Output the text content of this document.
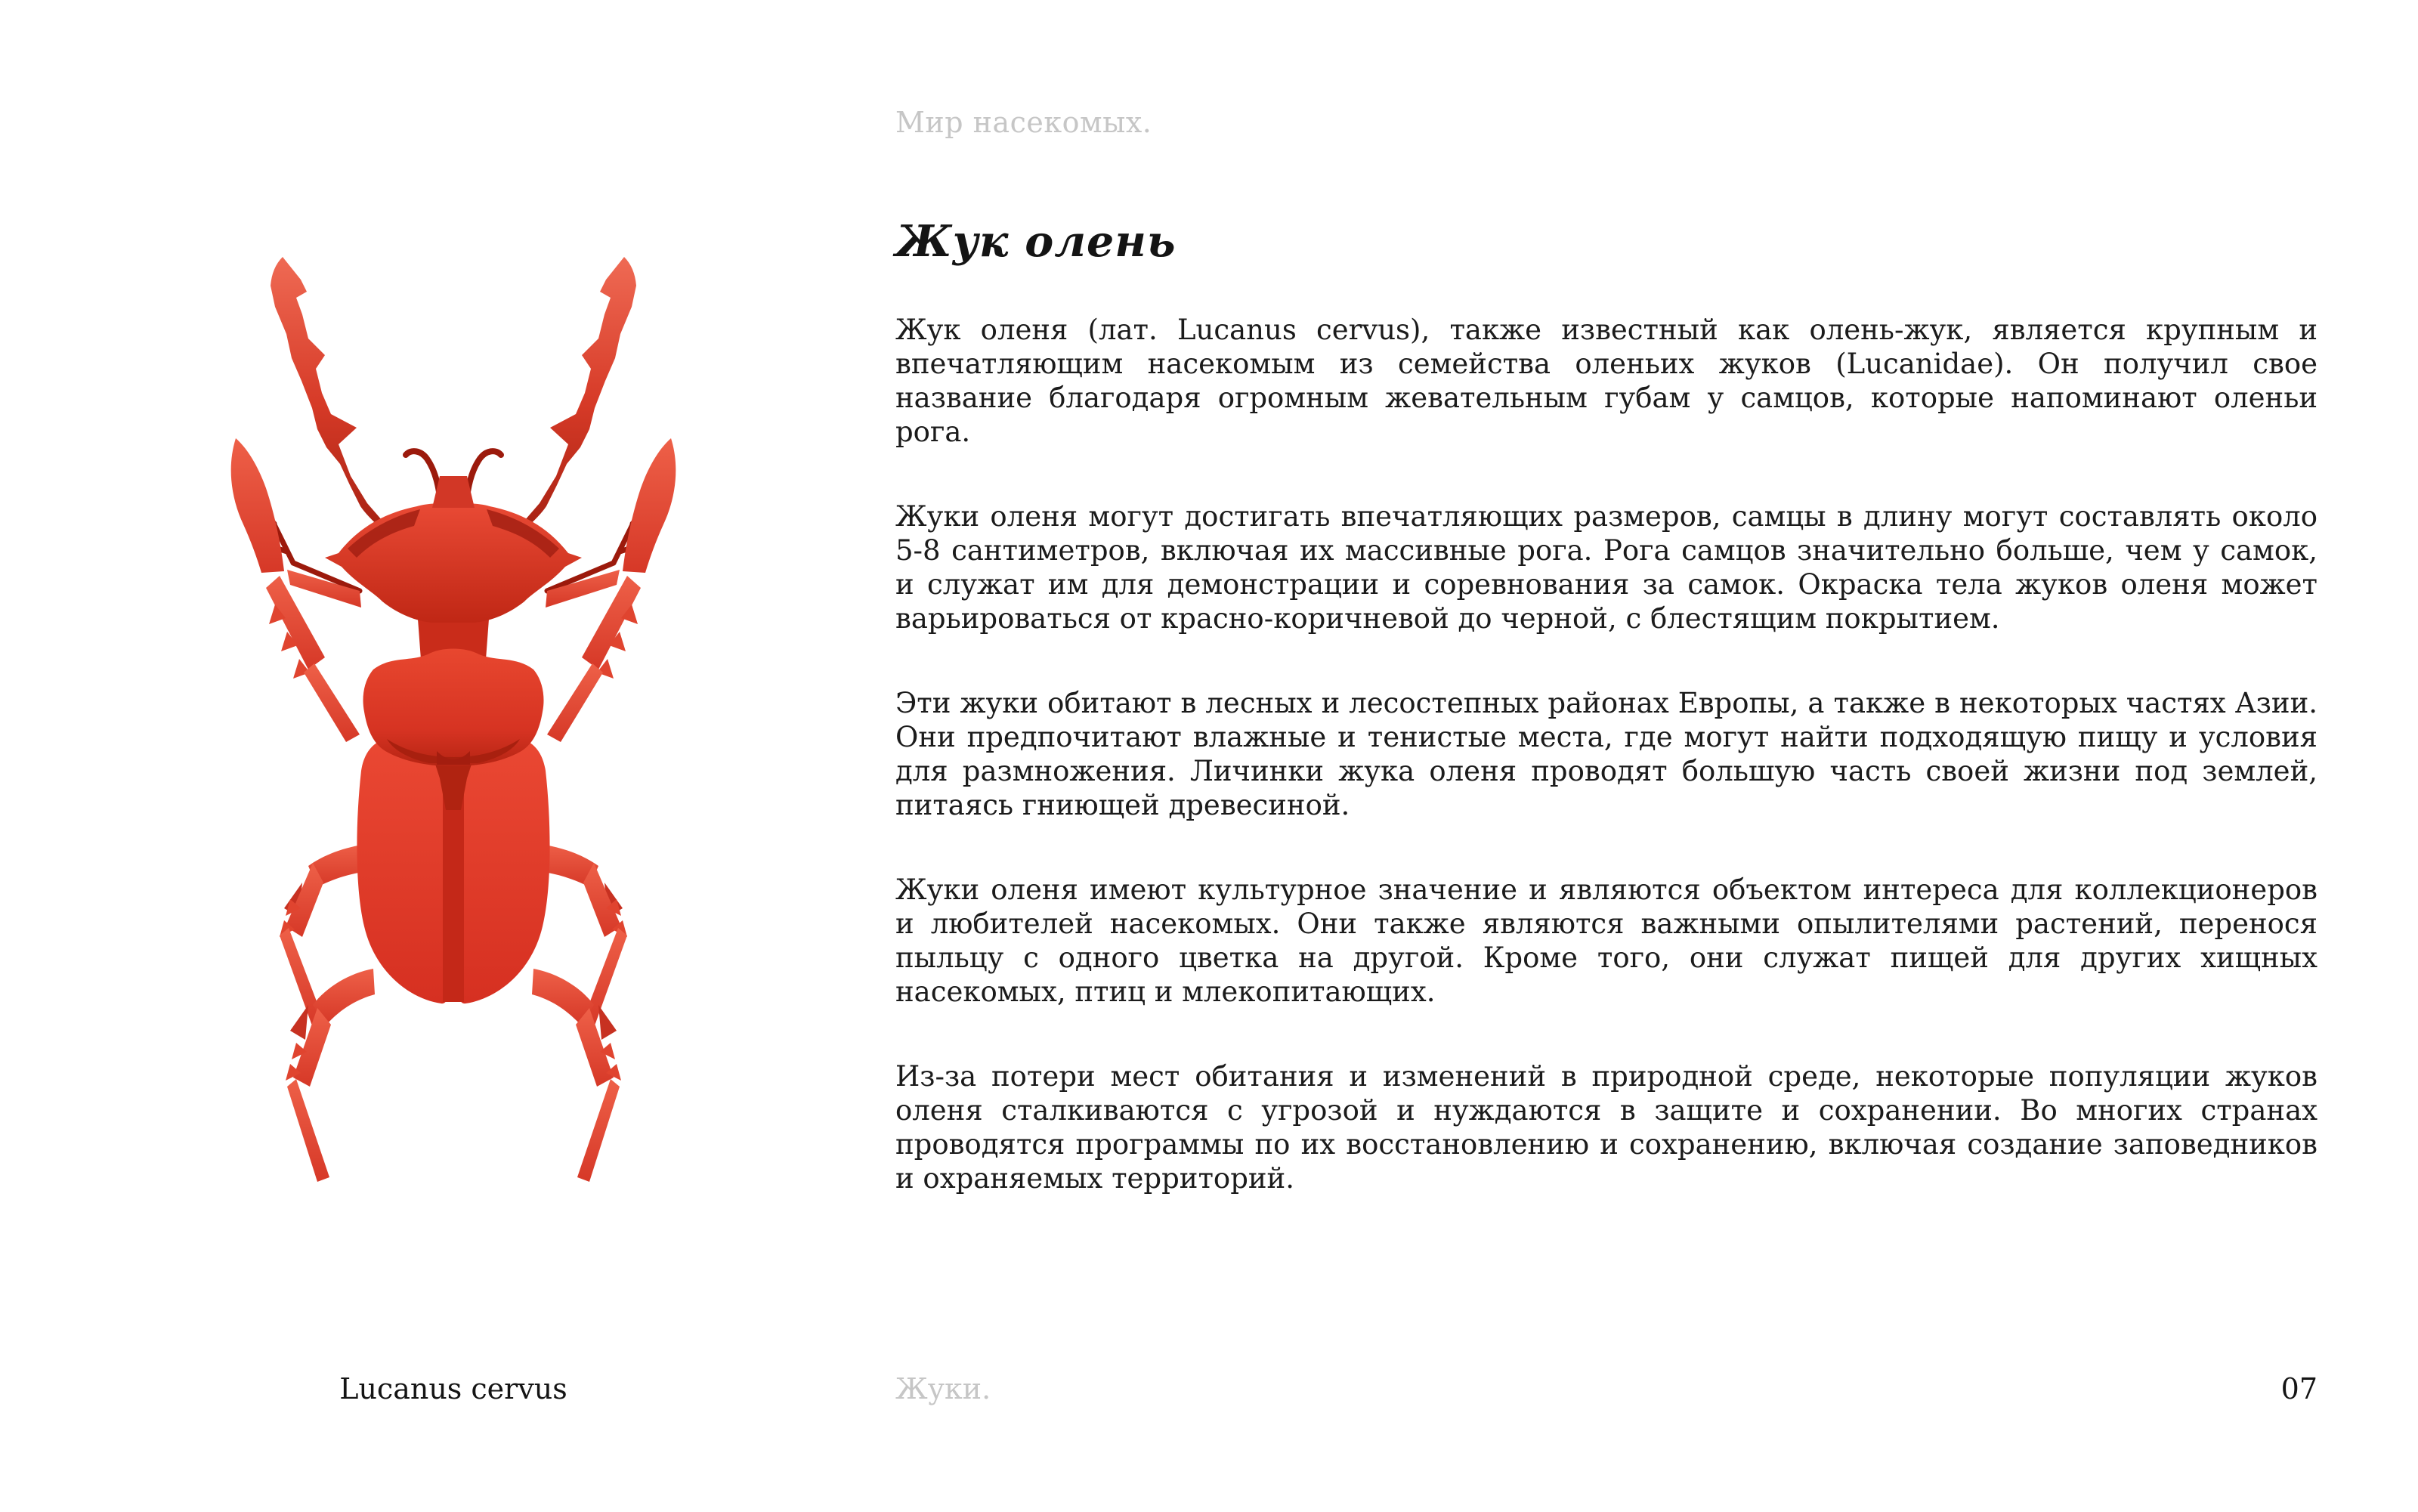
Мир насекомых.
Жук олень

Жук оленя (лат. Lucanus cervus), также известный как олень-жук, является крупным и впечатляющим насекомым из семейства оленьих жуков (Lucanidae). Он получил свое название благодаря огромным жевательным губам у самцов, которые напоминают оленьи рога.

Жуки оленя могут достигать впечатляющих размеров, самцы в длину могут составлять около 5-8 сантиметров, включая их массивные рога. Рога самцов значительно больше, чем у самок, и служат им для демонстрации и соревнования за самок. Окраска тела жуков оленя может варьироваться от красно-коричневой до черной, с блестящим покрытием.

Эти жуки обитают в лесных и лесостепных районах Европы, а также в некоторых частях Азии. Они предпочитают влажные и тенистые места, где могут найти подходящую пищу и условия для размножения. Личинки жука оленя проводят большую часть своей жизни под землей, питаясь гниющей древесиной.

Жуки оленя имеют культурное значение и являются объектом интереса для коллекционеров и любителей насекомых. Они также являются важными опылителями растений, перенося пыльцу с одного цветка на другой. Кроме того, они служат пищей для других хищных насекомых, птиц и млекопитающих.

Из-за потери мест обитания и изменений в природной среде, некоторые популяции жуков оленя сталкиваются с угрозой и нуждаются в защите и сохранении. Во многих странах проводятся программы по их восстановлению и сохранению, включая создание заповедников и охраняемых территорий.

Lucanus cervus	Жуки.	07
